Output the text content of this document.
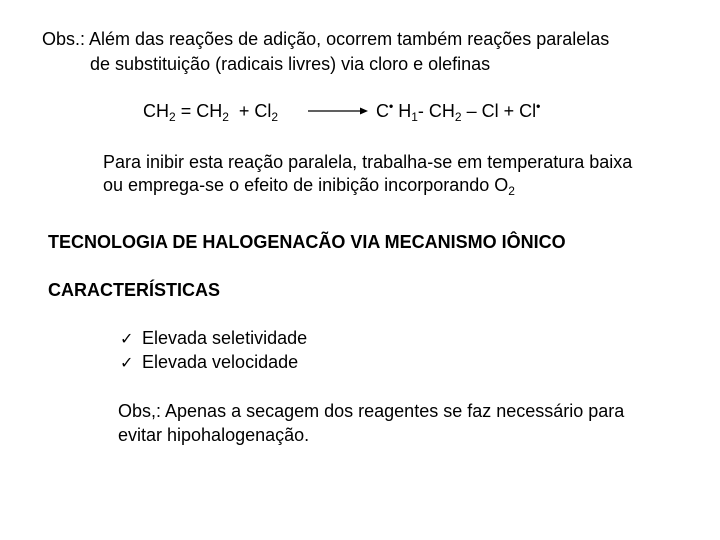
Obs.: Além das reações de adição, ocorrem também reações paralelas
de substituição (radicais livres) via cloro e olefinas
$CH_2 = CH_2 + Cl_2 \to C^•$ $H_1-$ $CH_2 - Cl + Cl^•$
Para inibir esta reação paralela, trabalha-se em temperatura baixa
ou emprega-se o efeito de inibição incorporando $O_2$
TECNOLOGIA DE HALOGENACÃO VIA MECANISMO IÔNICO
CARACTERÍSTICAS
✓ Elevada seletividade
✓ Elevada velocidade
Obs,: Apenas a secagem dos reagentes se faz necessário para
evitar hipohalogenação.
